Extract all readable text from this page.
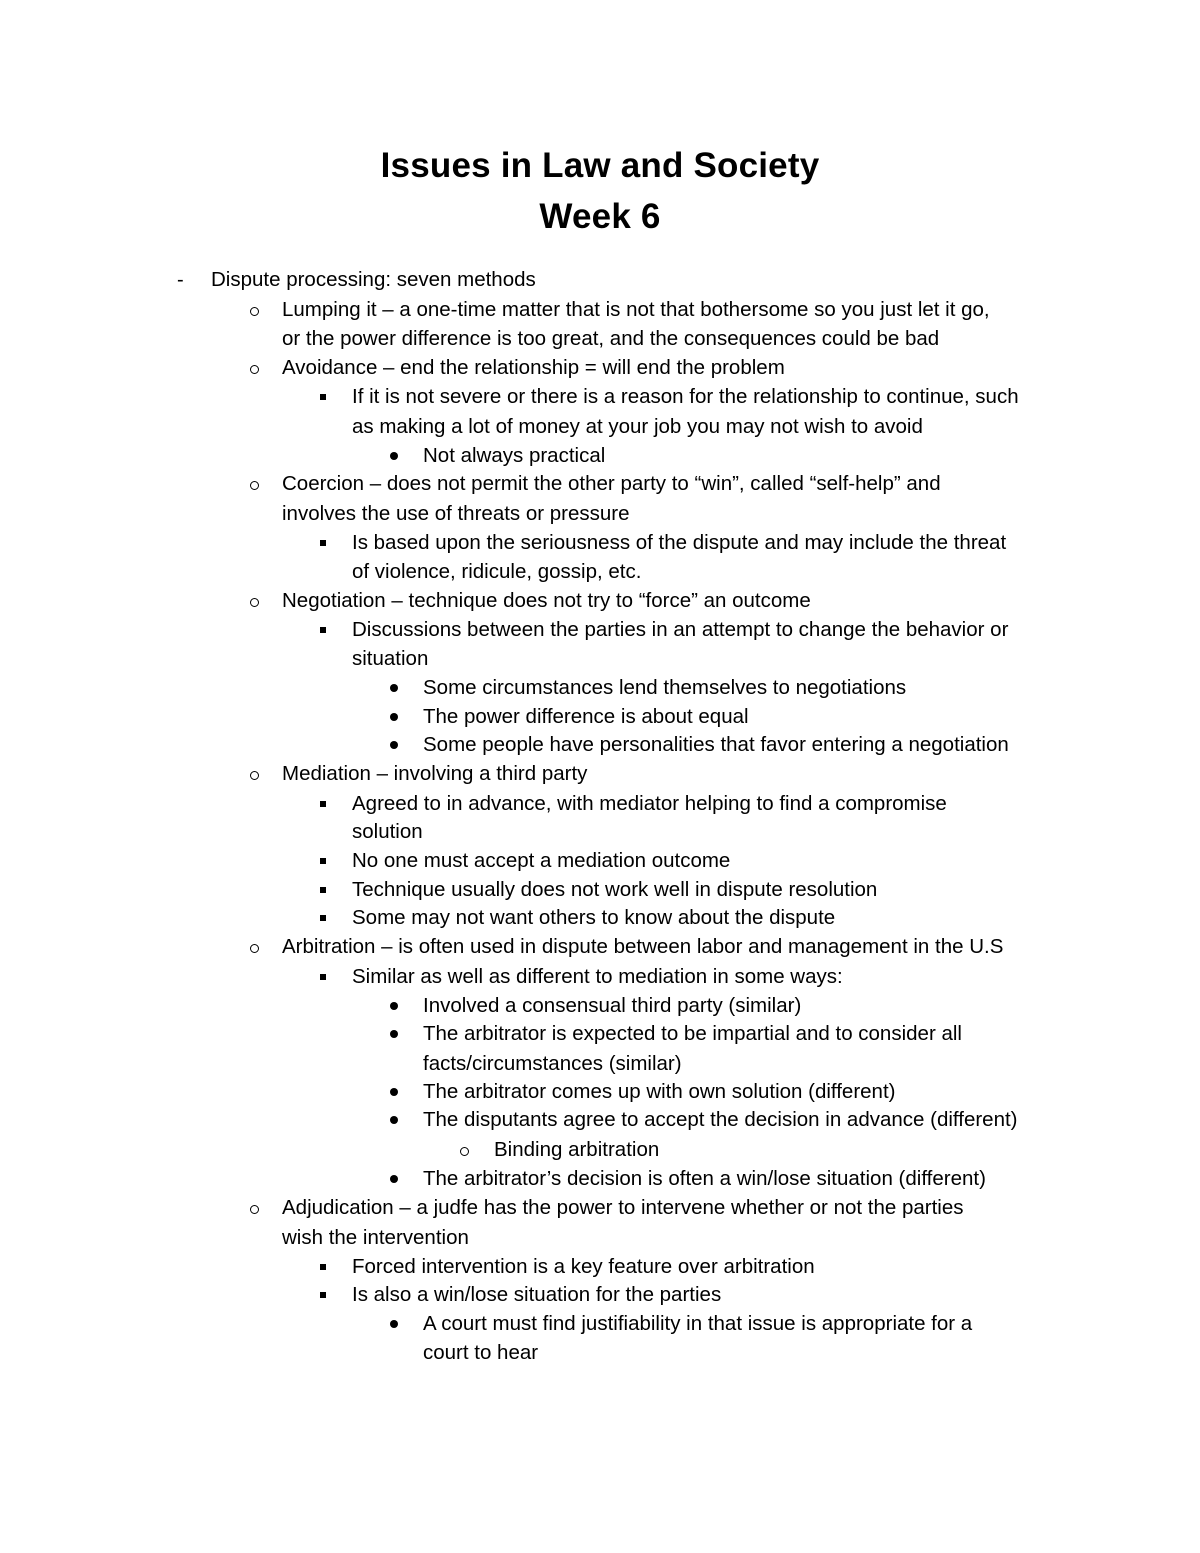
Issues in Law and Society
Week 6
Dispute processing: seven methods
-
Lumping it – a one-time matter that is not that bothersome so you just let it go,
or the power difference is too great, and the consequences could be bad
Avoidance – end the relationship = will end the problem
If it is not severe or there is a reason for the relationship to continue, such
as making a lot of money at your job you may not wish to avoid
Not always practical
Coercion – does not permit the other party to “win”, called “self-help” and
involves the use of threats or pressure
Is based upon the seriousness of the dispute and may include the threat
of violence, ridicule, gossip, etc.
Negotiation – technique does not try to “force” an outcome
Discussions between the parties in an attempt to change the behavior or
situation
Some circumstances lend themselves to negotiations
The power difference is about equal
Some people have personalities that favor entering a negotiation
Mediation – involving a third party
Agreed to in advance, with mediator helping to find a compromise
solution
No one must accept a mediation outcome
Technique usually does not work well in dispute resolution
Some may not want others to know about the dispute
Arbitration – is often used in dispute between labor and management in the U.S
Similar as well as different to mediation in some ways:
Involved a consensual third party (similar)
The arbitrator is expected to be impartial and to consider all
facts/circumstances (similar)
The arbitrator comes up with own solution (different)
The disputants agree to accept the decision in advance (different)
Binding arbitration
The arbitrator’s decision is often a win/lose situation (different)
Adjudication – a judfe has the power to intervene whether or not the parties
wish the intervention
Forced intervention is a key feature over arbitration
Is also a win/lose situation for the parties
A court must find justifiability in that issue is appropriate for a
court to hear
